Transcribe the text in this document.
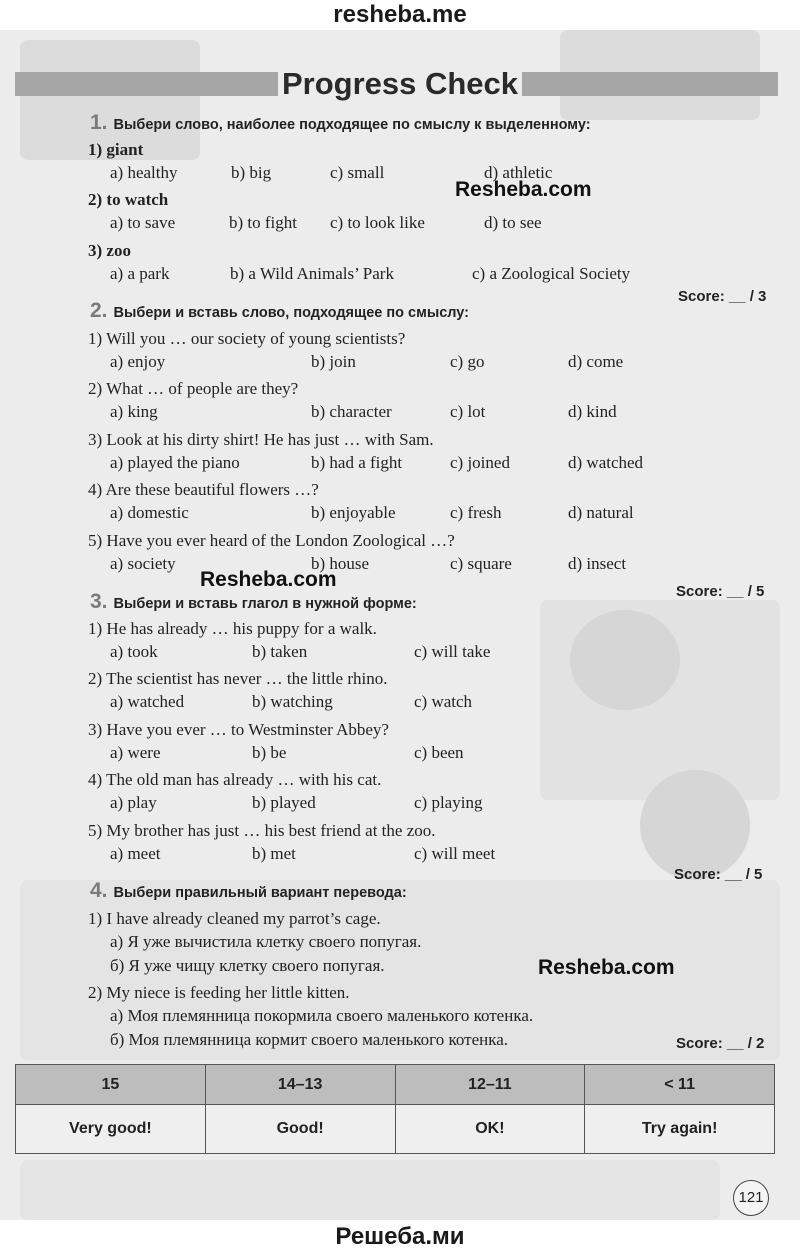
resheba.me
Progress Check
1. Выбери слово, наиболее подходящее по смыслу к выделенному:
1) giant
a) healthy	b) big	c) small	d) athletic
Resheba.com
2) to watch
a) to save	b) to fight c) to look like	d) to see
3) zoo
a) a park	b) a Wild Animals’ Park	c) a Zoological Society
Score: __ / 3
2. Выбери и вставь слово, подходящее по смыслу:
1) Will you … our society of young scientists?
a) enjoy	b) join	c) go	d) come
2) What … of people are they?
a) king	b) character	c) lot	d) kind
3) Look at his dirty shirt! He has just … with Sam.
a) played the piano	b) had a fight	c) joined	d) watched
4) Are these beautiful flowers …?
a) domestic	b) enjoyable	c) fresh	d) natural
5) Have you ever heard of the London Zoological …?
a) society	b) house	c) square	d) insect
Resheba.com
Score: __ / 5
3. Выбери и вставь глагол в нужной форме:
1) He has already … his puppy for a walk.
a) took	b) taken	c) will take
2) The scientist has never … the little rhino.
a) watched	b) watching	c) watch
3) Have you ever … to Westminster Abbey?
a) were	b) be	c) been
4) The old man has already … with his cat.
a) play	b) played	c) playing
5) My brother has just … his best friend at the zoo.
a) meet	b) met	c) will meet
Score: __ / 5
4. Выбери правильный вариант перевода:
1) I have already cleaned my parrot’s cage.
а) Я уже вычистила клетку своего попугая.
б) Я уже чищу клетку своего попугая.	Resheba.com
2) My niece is feeding her little kitten.
а) Моя племянница покормила своего маленького котенка.
б) Моя племянница кормит своего маленького котенка.	Score: __ / 2
15	14–13	12–11	< 11
Very good!	Good!	OK!	Try again!
121
Решеба.ми
